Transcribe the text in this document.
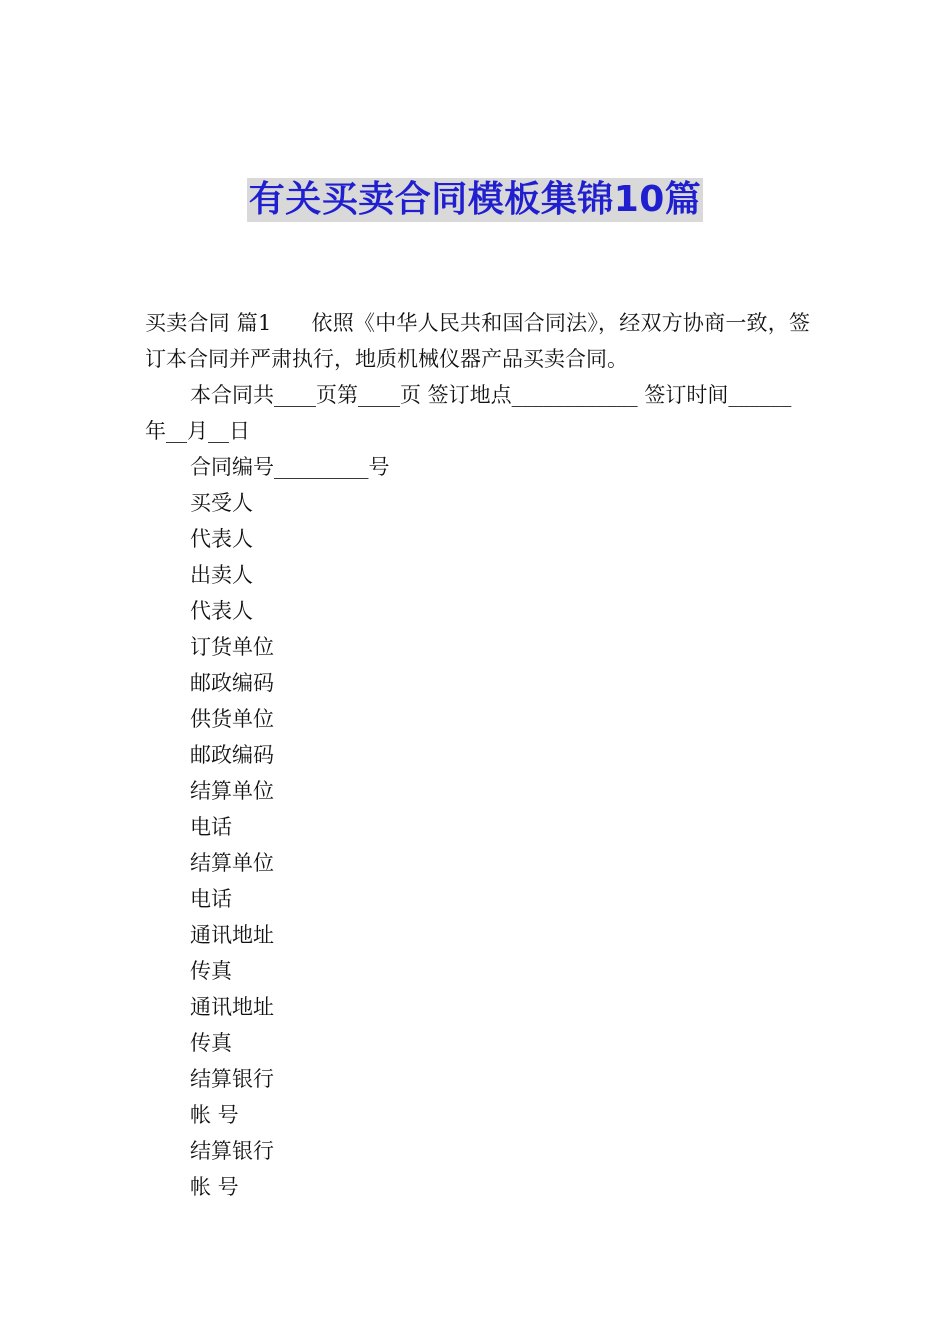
有关买卖合同模板集锦10篇

买卖合同 篇1 依照《中华人民共和国合同法》，经双方协商一致，签订本合同并严肃执行，地质机械仪器产品买卖合同。

本合同共____页第____页 签订地点____________ 签订时间______年__月__日

合同编号_________号

买受人
代表人
出卖人
代表人
订货单位
邮政编码
供货单位
邮政编码
结算单位
电话
结算单位
电话
通讯地址
传真
通讯地址
传真
结算银行
帐 号
结算银行
帐 号
